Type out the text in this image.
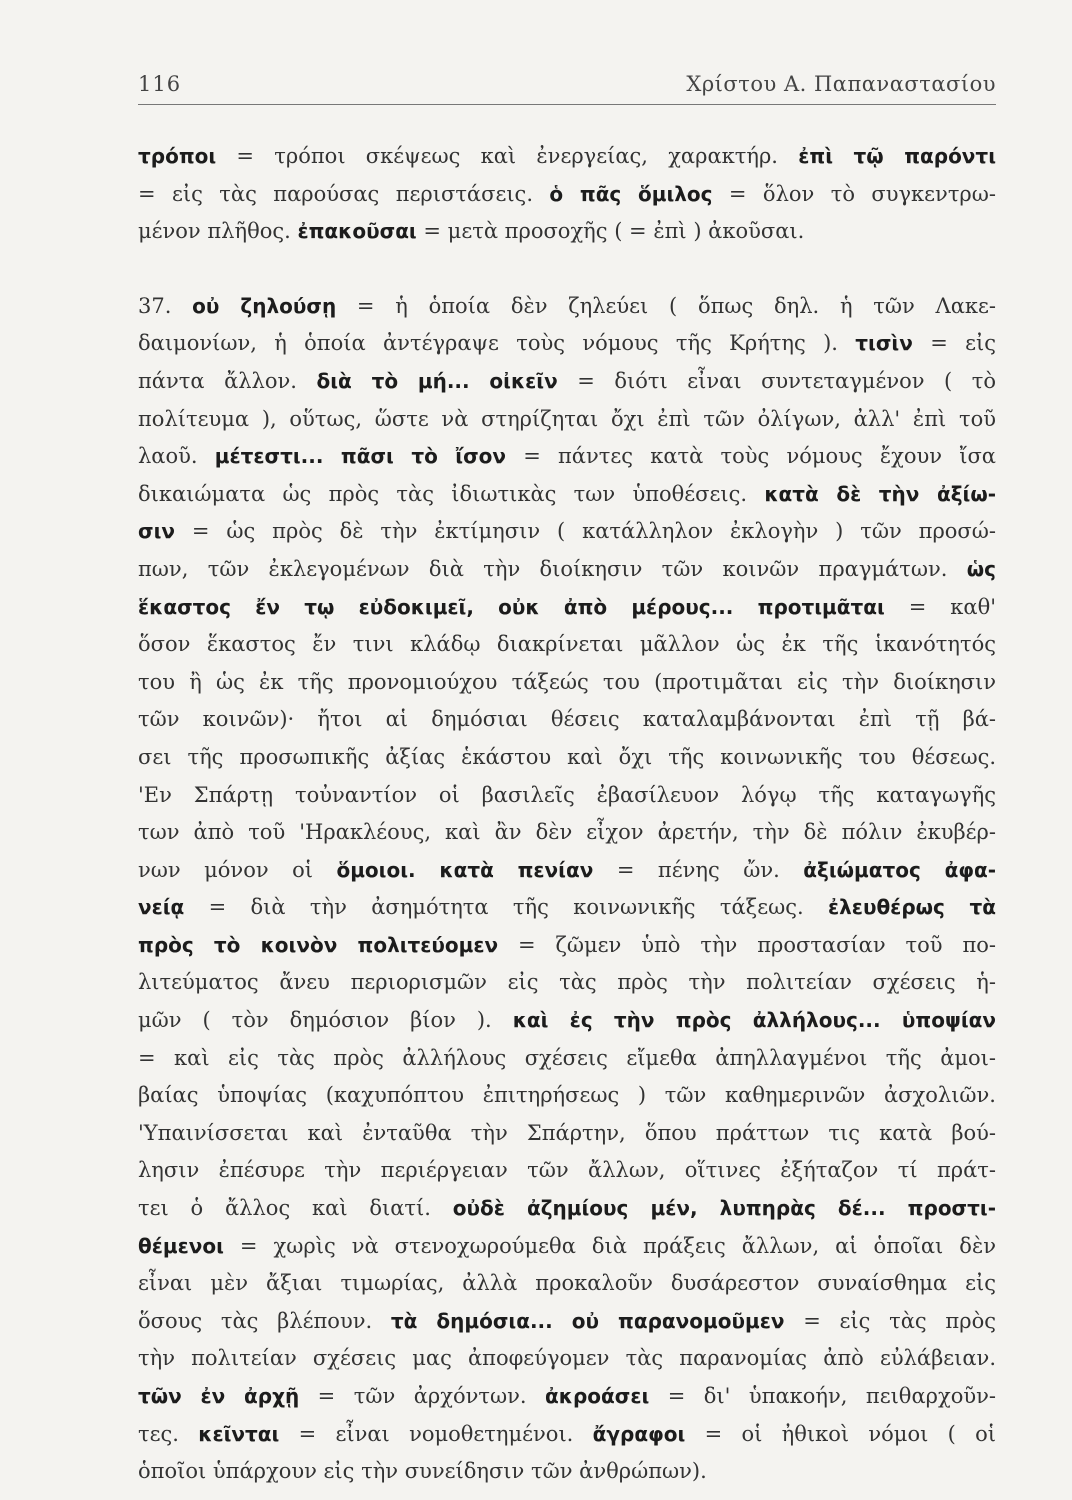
116	Χρίστου Α. Παπαναστασίου
τρόποι = τρόποι σκέψεως καὶ ἐνεργείας, χαρακτήρ. ἐπὶ τῷ παρόντι
= εἰς τὰς παρούσας περιστάσεις. ὁ πᾶς ὅμιλος = ὅλον τὸ συγκεντρω-
μένον πλῆθος. ἐπακοῦσαι = μετὰ προσοχῆς ( = ἐπὶ ) ἀκοῦσαι.
37. οὐ ζηλούσῃ = ἡ ὁποία δὲν ζηλεύει ( ὅπως δηλ. ἡ τῶν Λακε-
δαιμονίων, ἡ ὁποία ἀντέγραψε τοὺς νόμους τῆς Κρήτης ). τισὶν = εἰς
πάντα ἄλλον. διὰ τὸ μή... οἰκεῖν = διότι εἶναι συντεταγμένον ( τὸ
πολίτευμα ), οὕτως, ὥστε νὰ στηρίζηται ὄχι ἐπὶ τῶν ὀλίγων, ἀλλ' ἐπὶ τοῦ
λαοῦ. μέτεστι... πᾶσι τὸ ἴσον = πάντες κατὰ τοὺς νόμους ἔχουν ἴσα
δικαιώματα ὡς πρὸς τὰς ἰδιωτικὰς των ὑποθέσεις. κατὰ δὲ τὴν ἀξίω-
σιν = ὡς πρὸς δὲ τὴν ἐκτίμησιν ( κατάλληλον ἐκλογὴν ) τῶν προσώ-
πων, τῶν ἐκλεγομένων διὰ τὴν διοίκησιν τῶν κοινῶν πραγμάτων. ὡς
ἕκαστος ἔν τῳ εὐδοκιμεῖ, οὐκ ἀπὸ μέρους... προτιμᾶται = καθ'
ὅσον ἕκαστος ἔν τινι κλάδῳ διακρίνεται μᾶλλον ὡς ἐκ τῆς ἱκανότητός
του ἢ ὡς ἐκ τῆς προνομιούχου τάξεώς του (προτιμᾶται εἰς τὴν διοίκησιν
τῶν κοινῶν)· ἤτοι αἱ δημόσιαι θέσεις καταλαμβάνονται ἐπὶ τῇ βά-
σει τῆς προσωπικῆς ἀξίας ἑκάστου καὶ ὄχι τῆς κοινωνικῆς του θέσεως.
'Εν Σπάρτῃ τοὐναντίον οἱ βασιλεῖς ἐβασίλευον λόγῳ τῆς καταγωγῆς
των ἀπὸ τοῦ 'Ηρακλέους, καὶ ἂν δὲν εἶχον ἀρετήν, τὴν δὲ πόλιν ἐκυβέρ-
νων μόνον οἱ ὅμοιοι. κατὰ πενίαν = πένης ὤν. ἀξιώματος ἀφα-
νείᾳ = διὰ τὴν ἀσημότητα τῆς κοινωνικῆς τάξεως. ἐλευθέρως τὰ
πρὸς τὸ κοινὸν πολιτεύομεν = ζῶμεν ὑπὸ τὴν προστασίαν τοῦ πο-
λιτεύματος ἄνευ περιορισμῶν εἰς τὰς πρὸς τὴν πολιτείαν σχέσεις ἡ-
μῶν ( τὸν δημόσιον βίον ). καὶ ἐς τὴν πρὸς ἀλλήλους... ὑποψίαν
= καὶ εἰς τὰς πρὸς ἀλλήλους σχέσεις εἴμεθα ἀπηλλαγμένοι τῆς ἀμοι-
βαίας ὑποψίας (καχυπόπτου ἐπιτηρήσεως ) τῶν καθημερινῶν ἀσχολιῶν.
'Υπαινίσσεται καὶ ἐνταῦθα τὴν Σπάρτην, ὅπου πράττων τις κατὰ βού-
λησιν ἐπέσυρε τὴν περιέργειαν τῶν ἄλλων, οἵτινες ἐξήταζον τί πράτ-
τει ὁ ἄλλος καὶ διατί. οὐδὲ ἀζημίους μέν, λυπηρὰς δέ... προστι-
θέμενοι = χωρὶς νὰ στενοχωρούμεθα διὰ πράξεις ἄλλων, αἱ ὁποῖαι δὲν
εἶναι μὲν ἄξιαι τιμωρίας, ἀλλὰ προκαλοῦν δυσάρεστον συναίσθημα εἰς
ὅσους τὰς βλέπουν. τὰ δημόσια... οὐ παρανομοῦμεν = εἰς τὰς πρὸς
τὴν πολιτείαν σχέσεις μας ἀποφεύγομεν τὰς παρανομίας ἀπὸ εὐλάβειαν.
τῶν ἐν ἀρχῇ = τῶν ἀρχόντων. ἀκροάσει = δι' ὑπακοήν, πειθαρχοῦν-
τες. κεῖνται = εἶναι νομοθετημένοι. ἄγραφοι = οἱ ἠθικοὶ νόμοι ( οἱ
ὁποῖοι ὑπάρχουν εἰς τὴν συνείδησιν τῶν ἀνθρώπων).
